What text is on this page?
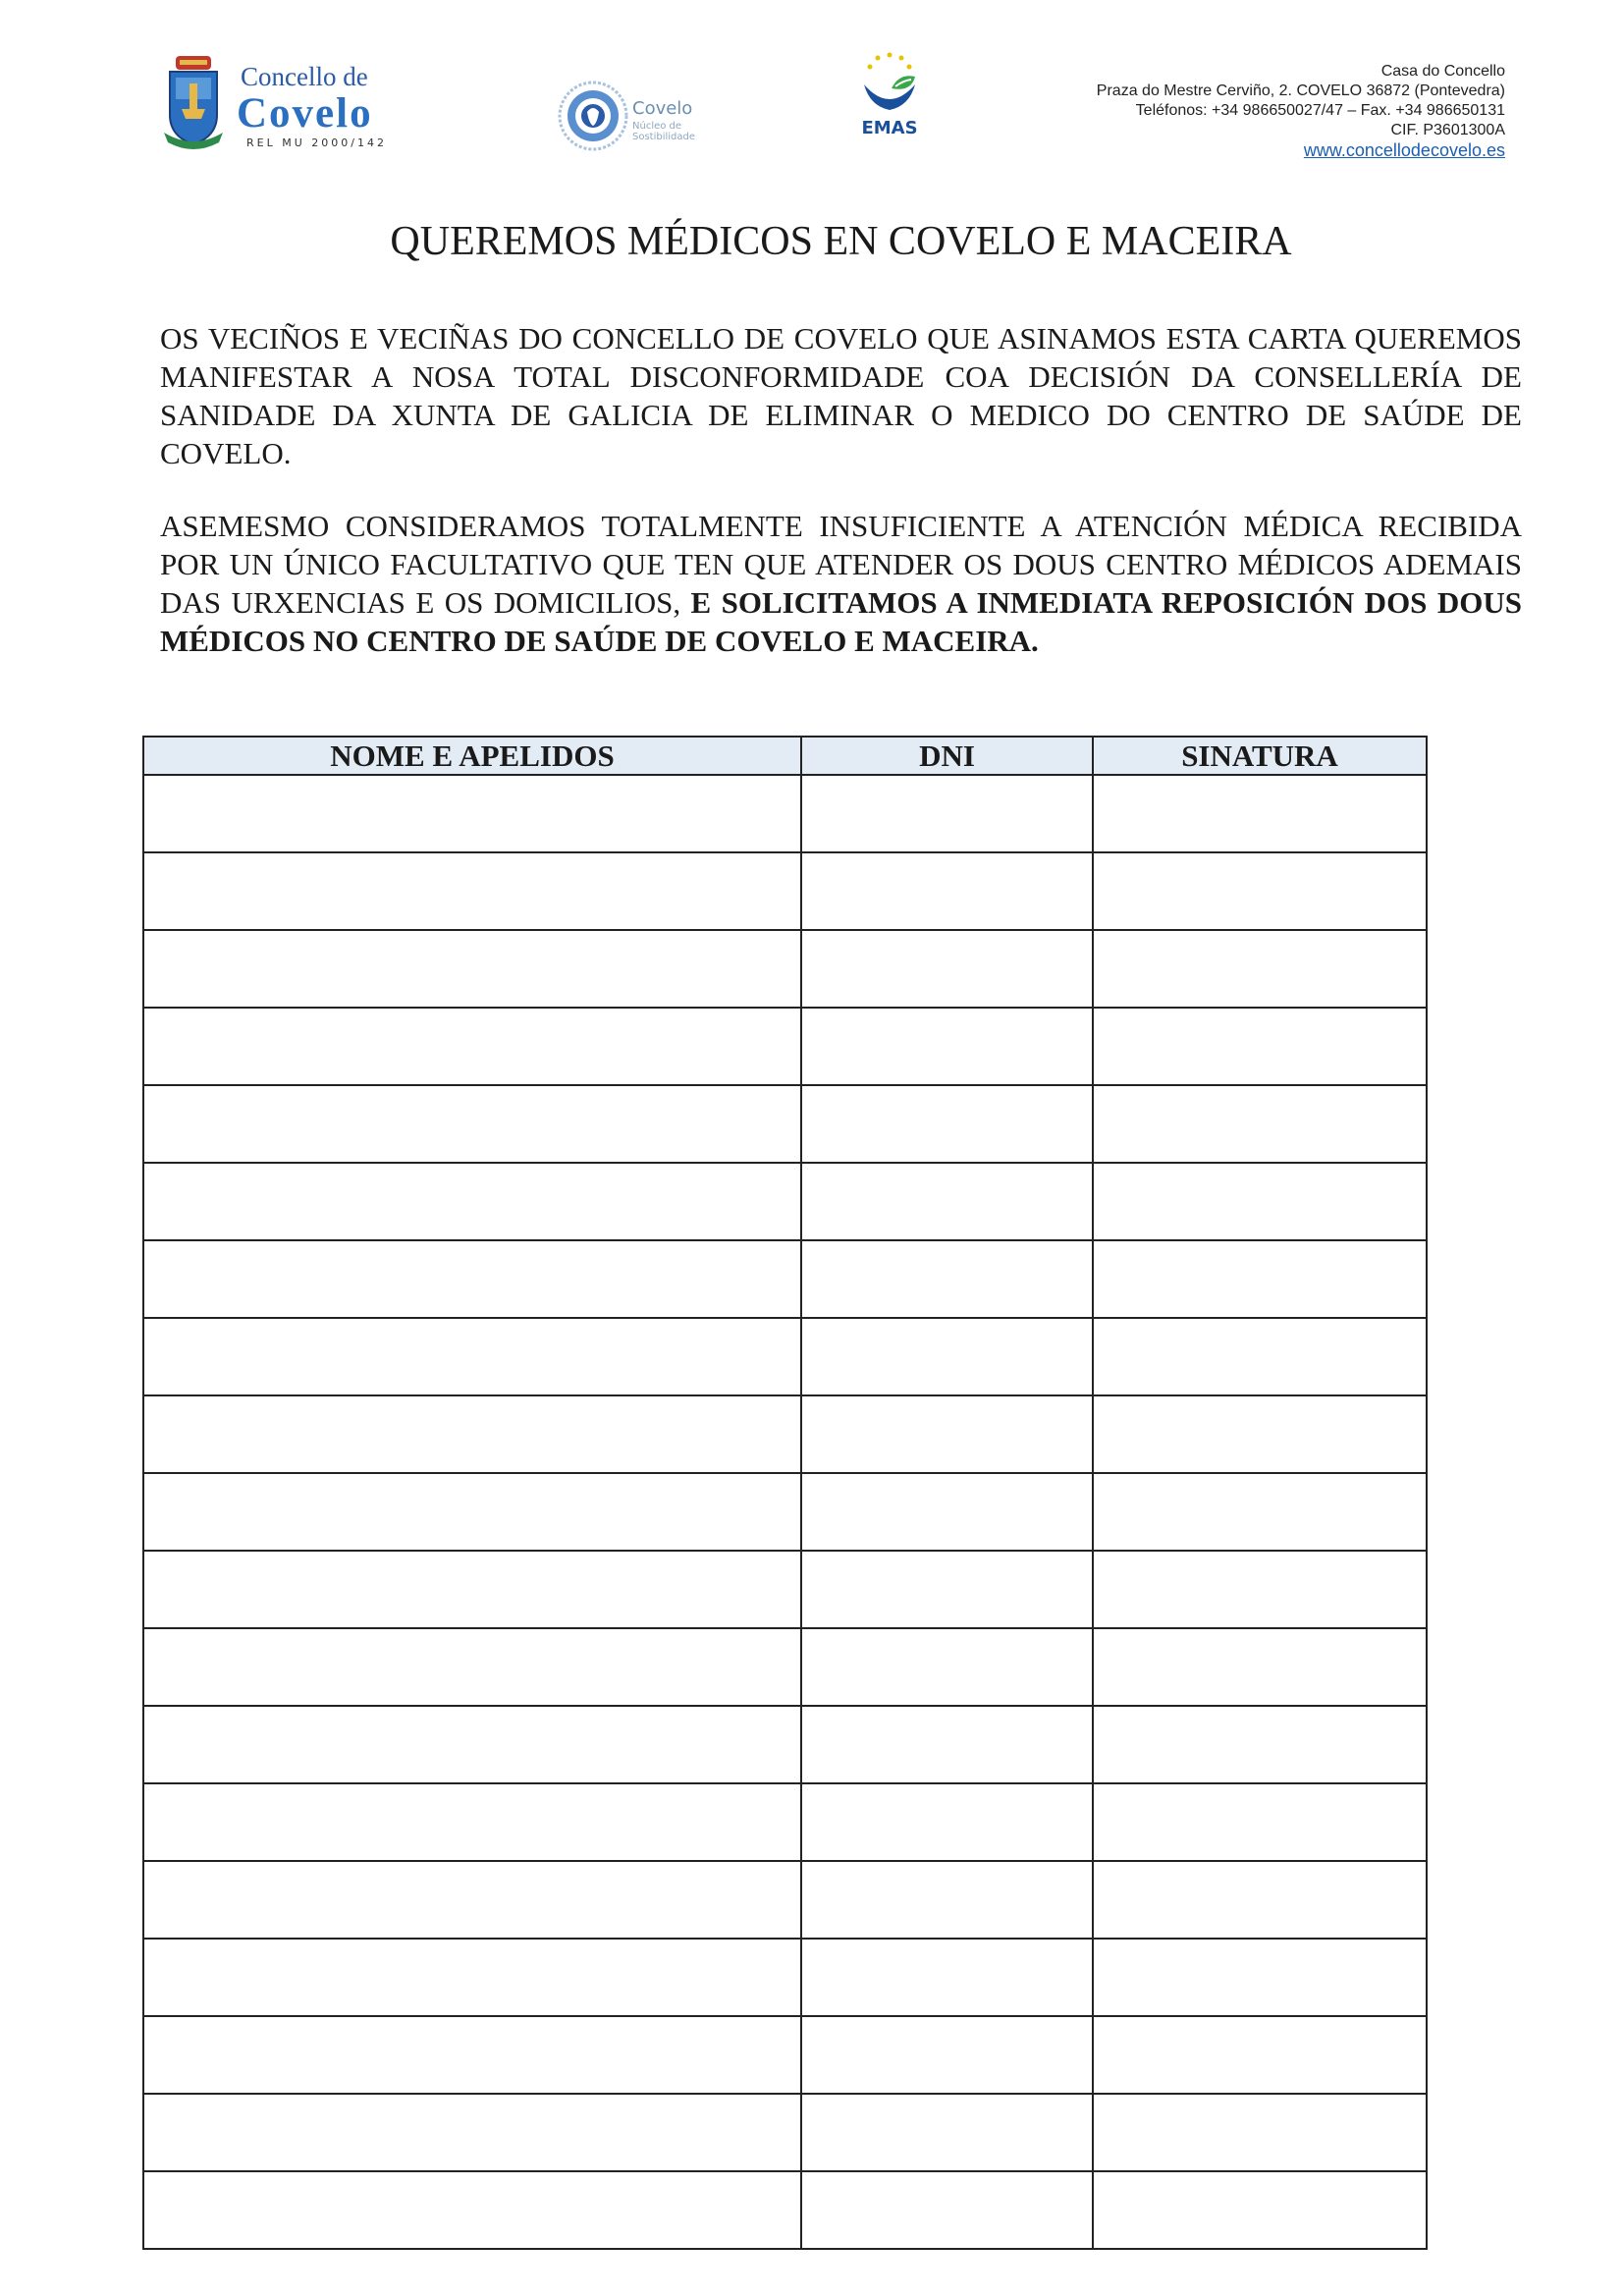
Concello de
Covelo
REL MU 2000/142
Covelo
Núcleo de
Sostibilidade	EMAS
Casa do Concello
Praza do Mestre Cerviño, 2. COVELO 36872 (Pontevedra)
Teléfonos: +34 986650027/47 – Fax. +34 986650131
CIF. P3601300A
www.concellodecovelo.es
QUEREMOS MÉDICOS EN COVELO E MACEIRA
OS VECIÑOS E VECIÑAS DO CONCELLO DE COVELO QUE ASINAMOS ESTA CARTA QUEREMOS MANIFESTAR A NOSA TOTAL DISCONFORMIDADE COA DECISIÓN DA CONSELLERÍA DE SANIDADE DA XUNTA DE GALICIA DE ELIMINAR O MEDICO DO CENTRO DE SAÚDE DE COVELO.
ASEMESMO CONSIDERAMOS TOTALMENTE INSUFICIENTE A ATENCIÓN MÉDICA RECIBIDA POR UN ÚNICO FACULTATIVO QUE TEN QUE ATENDER OS DOUS CENTRO MÉDICOS ADEMAIS DAS URXENCIAS E OS DOMICILIOS, E SOLICITAMOS A INMEDIATA REPOSICIÓN DOS DOUS MÉDICOS NO CENTRO DE SAÚDE DE COVELO E MACEIRA.
NOME E APELIDOS	DNI	SINATURA
